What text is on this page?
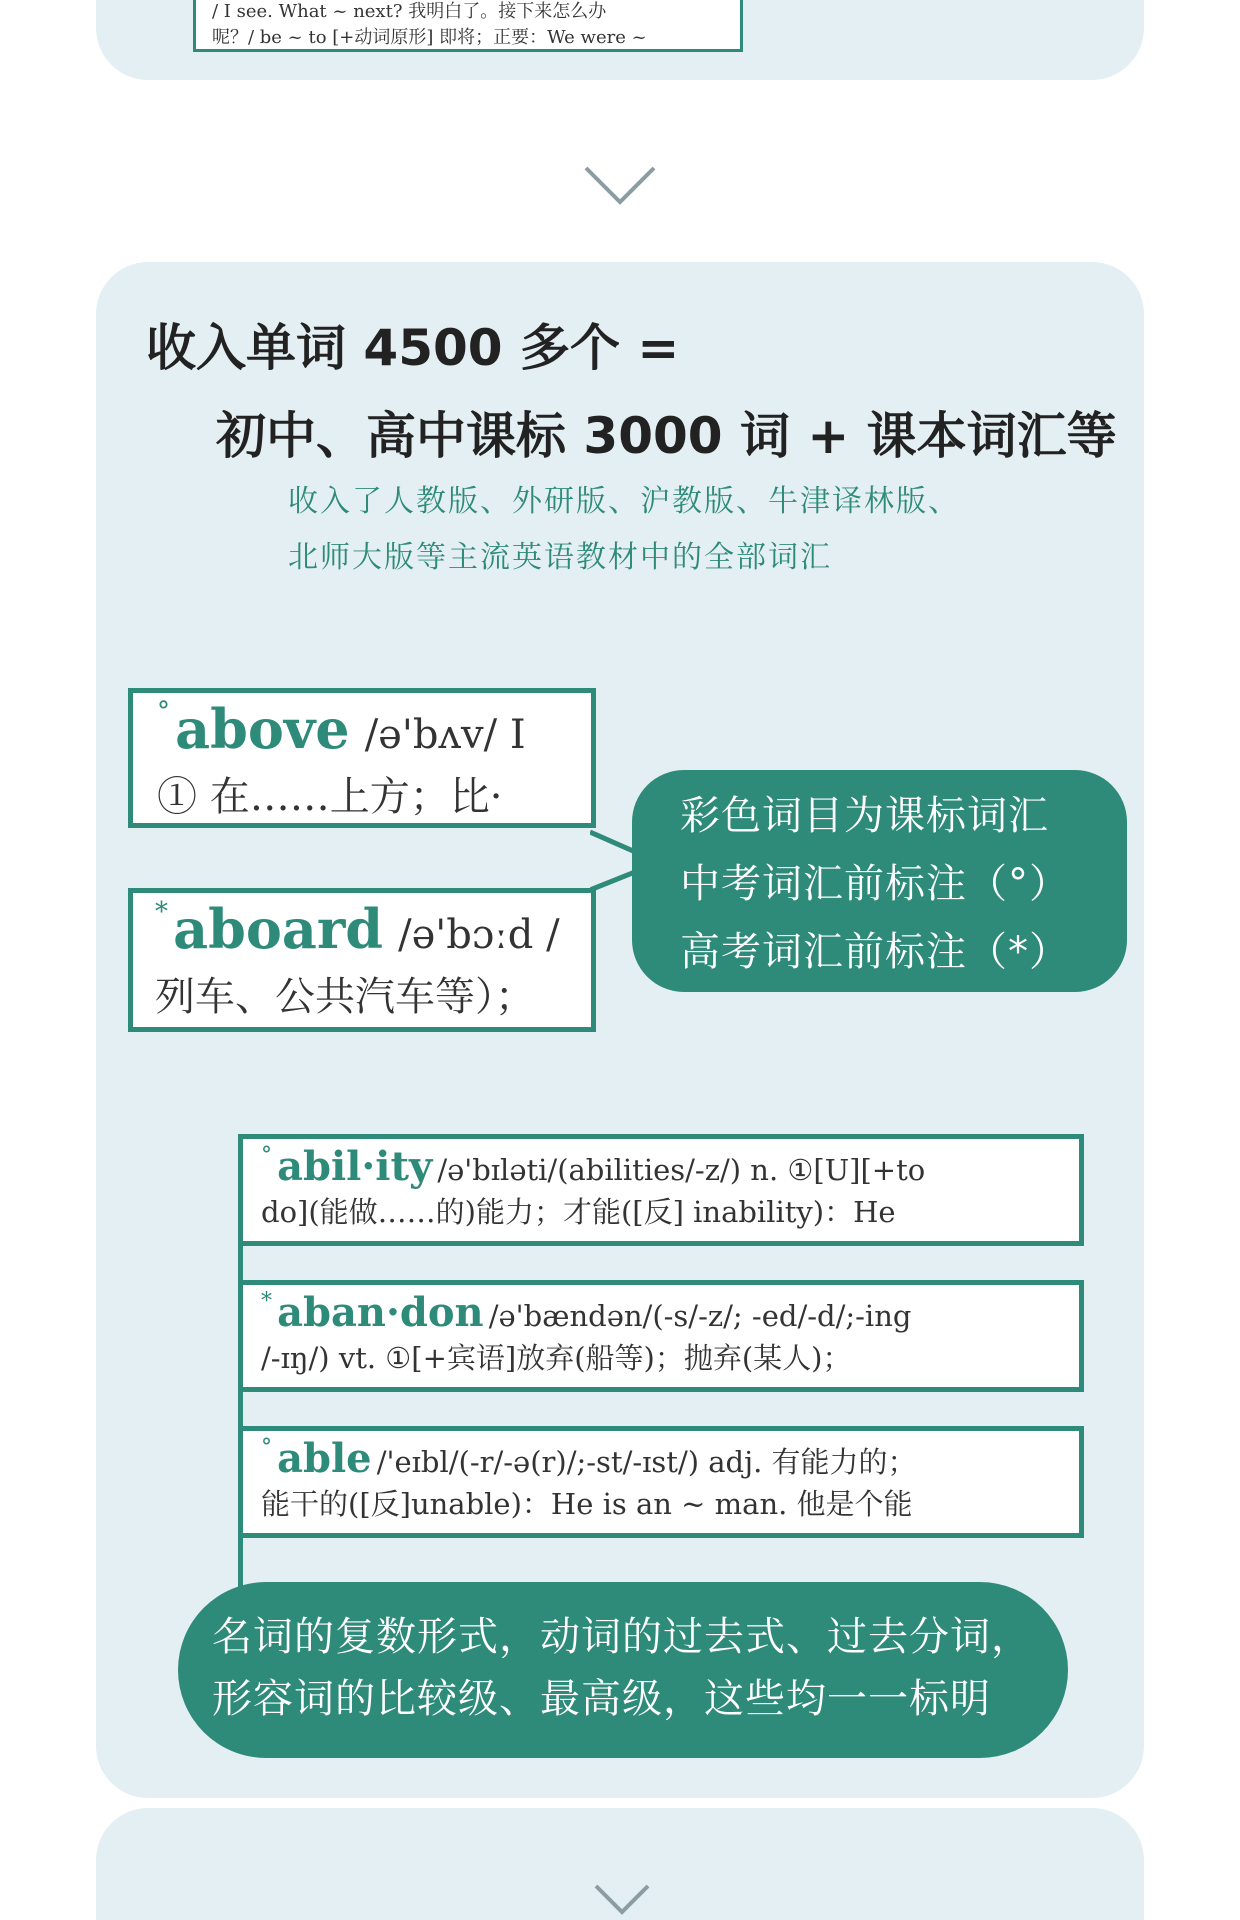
/ I see. What ~ next? 我明白了。接下来怎么办
呢？/ be ~ to [+动词原形] 即将；正要：We were ~
收入单词 4500 多个 =
初中、高中课标 3000 词 + 课本词汇等
收入了人教版、外研版、沪教版、牛津译林版、
北师大版等主流英语教材中的全部词汇
° above /ə'bʌv/ I
① 在……上方；比·
* aboard /ə'bɔːd /
列车、公共汽车等）；
彩色词目为课标词汇
中考词汇前标注（°）
高考词汇前标注（*）
° abil·ity /ə'bɪləti/(abilities/-z/) n. ①[U][+to
do](能做……的)能力；才能([反] inability)：He
* aban·don /ə'bændən/(-s/-z/; -ed/-d/;-ing
/-ɪŋ/) vt. ①[+宾语]放弃(船等)；抛弃(某人)；
° able /'eɪbl/(-r/-ə(r)/;-st/-ɪst/) adj. 有能力的；
能干的([反]unable)：He is an ~ man. 他是个能
名词的复数形式，动词的过去式、过去分词，
形容词的比较级、最高级，这些均一一标明
